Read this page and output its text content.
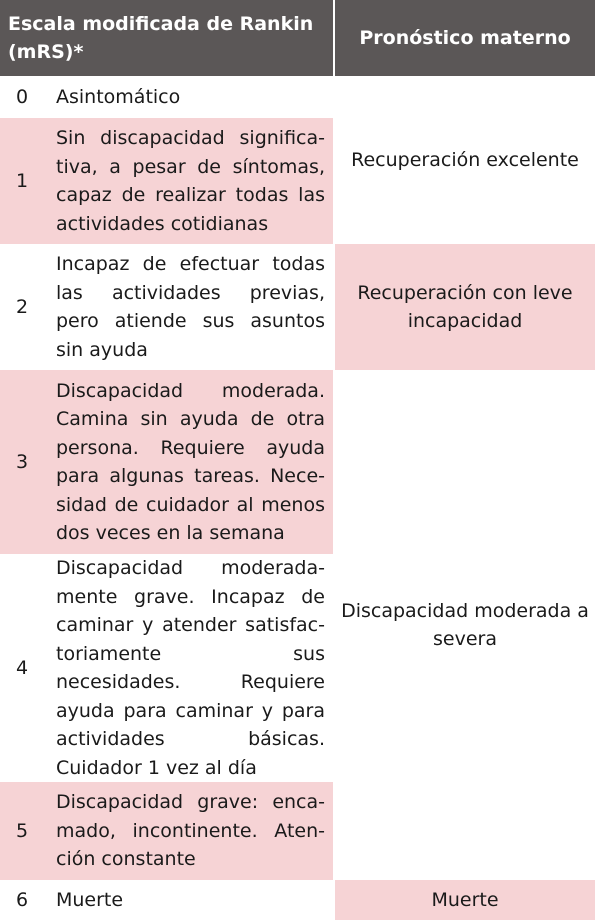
Escala modificada de Rankin (mRS)*		Pronóstico materno
0	Asintomático	Recuperación excelente
1	Sin discapacidad significativa, a pesar de síntomas, capaz de realizar todas las actividades cotidianas	
2	Incapaz de efectuar todas las actividades previas, pero atiende sus asuntos sin ayuda	Recuperación con leve incapacidad
3	Discapacidad moderada. Camina sin ayuda de otra persona. Requiere ayuda para algunas tareas. Necesidad de cuidador al menos dos veces en la semana	Discapacidad moderada a severa
4	Discapacidad moderadamente grave. Incapaz de caminar y atender satisfactoriamente sus necesidades. Requiere ayuda para caminar y para actividades básicas. Cuidador 1 vez al día	
5	Discapacidad grave: encamado, incontinente. Atención constante	
6	Muerte	Muerte
